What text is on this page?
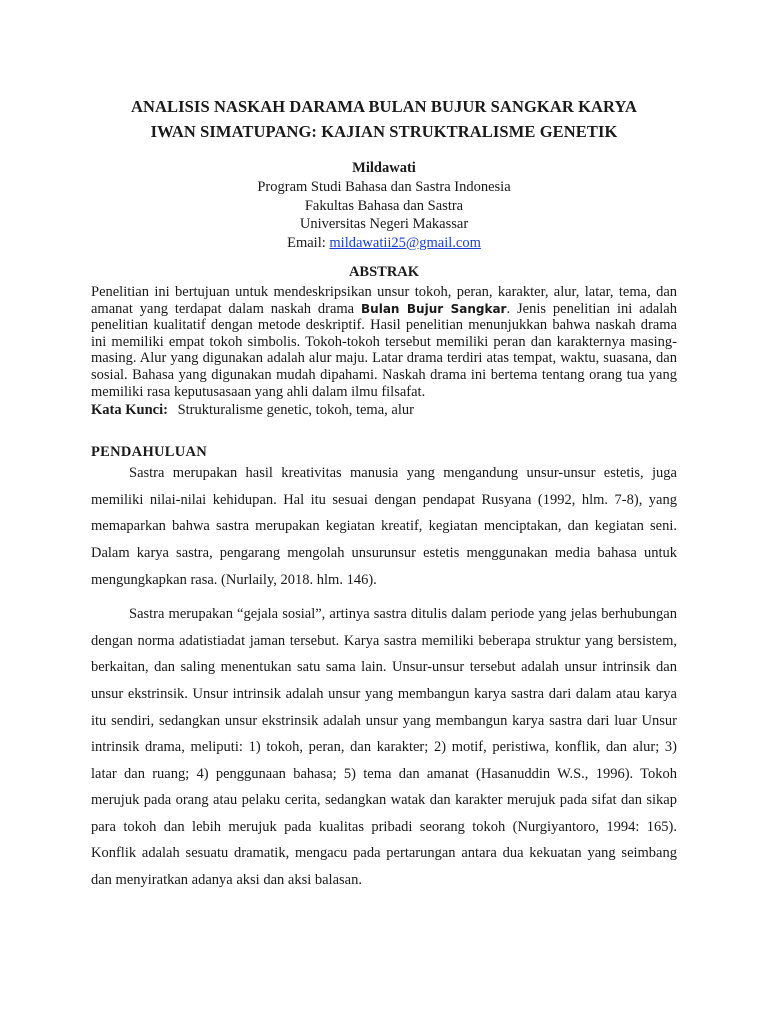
ANALISIS NASKAH DARAMA BULAN BUJUR SANGKAR KARYA
IWAN SIMATUPANG: KAJIAN STRUKTRALISME GENETIK
Mildawati
Program Studi Bahasa dan Sastra Indonesia
Fakultas Bahasa dan Sastra
Universitas Negeri Makassar
Email: mildawatii25@gmail.com
ABSTRAK

Penelitian ini bertujuan untuk mendeskripsikan unsur tokoh, peran, karakter, alur, latar, tema, dan amanat yang terdapat dalam naskah drama Bulan Bujur Sangkar. Jenis penelitian ini adalah penelitian kualitatif dengan metode deskriptif. Hasil penelitian menunjukkan bahwa naskah drama ini memiliki empat tokoh simbolis. Tokoh-tokoh tersebut memiliki peran dan karakternya masing-masing. Alur yang digunakan adalah alur maju. Latar drama terdiri atas tempat, waktu, suasana, dan sosial. Bahasa yang digunakan mudah dipahami. Naskah drama ini bertema tentang orang tua yang memiliki rasa keputusasaan yang ahli dalam ilmu filsafat.

Kata Kunci: Strukturalisme genetic, tokoh, tema, alur
PENDAHULUAN

Sastra merupakan hasil kreativitas manusia yang mengandung unsur-unsur estetis, juga memiliki nilai-nilai kehidupan. Hal itu sesuai dengan pendapat Rusyana (1992, hlm. 7-8), yang memaparkan bahwa sastra merupakan kegiatan kreatif, kegiatan menciptakan, dan kegiatan seni. Dalam karya sastra, pengarang mengolah unsurunsur estetis menggunakan media bahasa untuk mengungkapkan rasa. (Nurlaily, 2018. hlm. 146).

Sastra merupakan “gejala sosial”, artinya sastra ditulis dalam periode yang jelas berhubungan dengan norma adatistiadat jaman tersebut. Karya sastra memiliki beberapa struktur yang bersistem, berkaitan, dan saling menentukan satu sama lain. Unsur-unsur tersebut adalah unsur intrinsik dan unsur ekstrinsik. Unsur intrinsik adalah unsur yang membangun karya sastra dari dalam atau karya itu sendiri, sedangkan unsur ekstrinsik adalah unsur yang membangun karya sastra dari luar Unsur intrinsik drama, meliputi: 1) tokoh, peran, dan karakter; 2) motif, peristiwa, konflik, dan alur; 3) latar dan ruang; 4) penggunaan bahasa; 5) tema dan amanat (Hasanuddin W.S., 1996). Tokoh merujuk pada orang atau pelaku cerita, sedangkan watak dan karakter merujuk pada sifat dan sikap para tokoh dan lebih merujuk pada kualitas pribadi seorang tokoh (Nurgiyantoro, 1994: 165). Konflik adalah sesuatu dramatik, mengacu pada pertarungan antara dua kekuatan yang seimbang dan menyiratkan adanya aksi dan aksi balasan.
